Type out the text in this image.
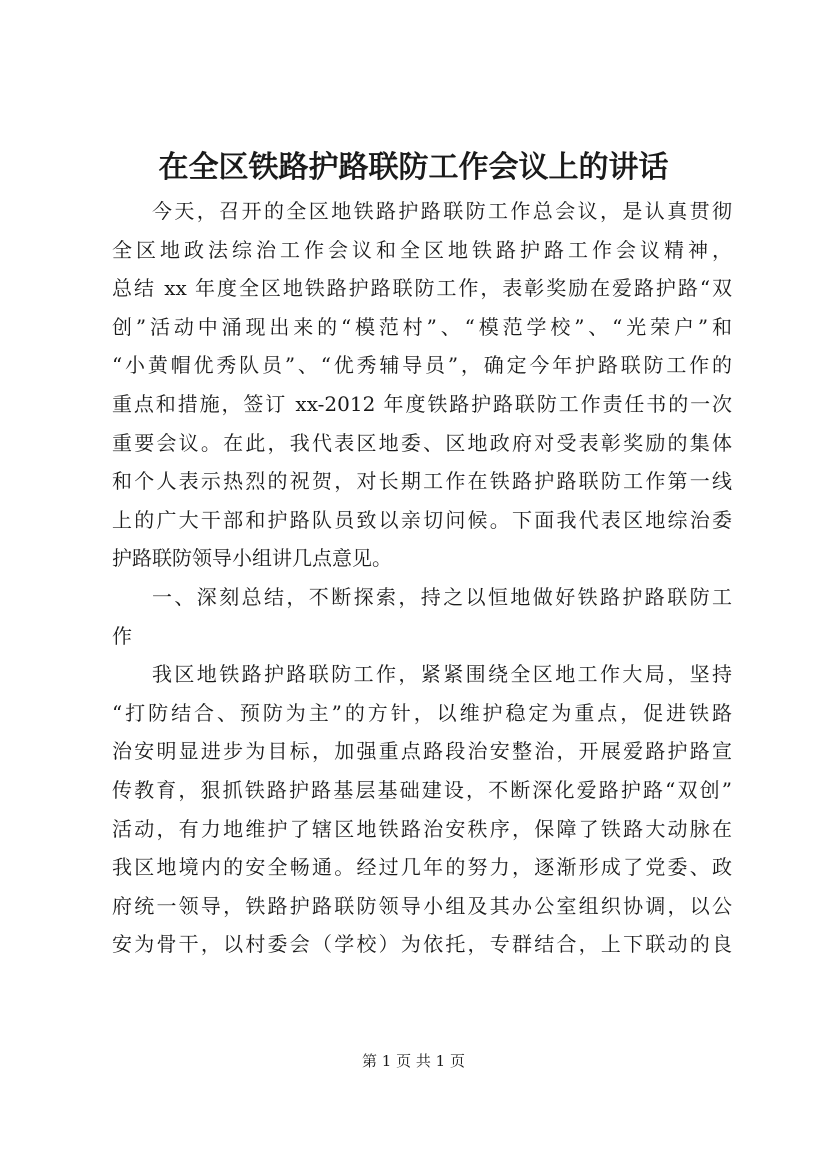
在全区铁路护路联防工作会议上的讲话
今天，召开的全区地铁路护路联防工作总会议，是认真贯彻
全区地政法综治工作会议和全区地铁路护路工作会议精神，
总结 xx 年度全区地铁路护路联防工作，表彰奖励在爱路护路“双
创”活动中涌现出来的“模范村”、“模范学校”、“光荣户”和
“小黄帽优秀队员”、“优秀辅导员”，确定今年护路联防工作的
重点和措施，签订 xx-2012 年度铁路护路联防工作责任书的一次
重要会议。在此，我代表区地委、区地政府对受表彰奖励的集体
和个人表示热烈的祝贺，对长期工作在铁路护路联防工作第一线
上的广大干部和护路队员致以亲切问候。下面我代表区地综治委
护路联防领导小组讲几点意见。
一、深刻总结，不断探索，持之以恒地做好铁路护路联防工
作
我区地铁路护路联防工作，紧紧围绕全区地工作大局，坚持
“打防结合、预防为主”的方针，以维护稳定为重点，促进铁路
治安明显进步为目标，加强重点路段治安整治，开展爱路护路宣
传教育，狠抓铁路护路基层基础建设，不断深化爱路护路“双创”
活动，有力地维护了辖区地铁路治安秩序，保障了铁路大动脉在
我区地境内的安全畅通。经过几年的努力，逐渐形成了党委、政
府统一领导，铁路护路联防领导小组及其办公室组织协调，以公
安为骨干，以村委会（学校）为依托，专群结合，上下联动的良
第 1 页 共 1 页
